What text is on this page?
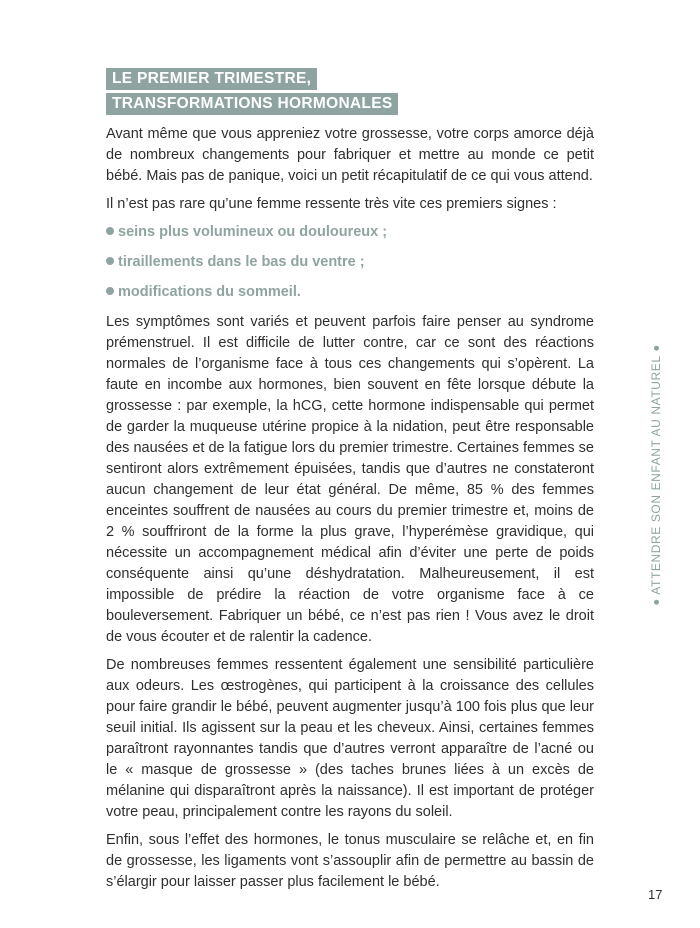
LE PREMIER TRIMESTRE,
TRANSFORMATIONS HORMONALES

Avant même que vous appreniez votre grossesse, votre corps amorce déjà de nombreux changements pour fabriquer et mettre au monde ce petit bébé. Mais pas de panique, voici un petit récapitulatif de ce qui vous attend.

Il n’est pas rare qu’une femme ressente très vite ces premiers signes :

seins plus volumineux ou douloureux ;
tiraillements dans le bas du ventre ;
modifications du sommeil.

Les symptômes sont variés et peuvent parfois faire penser au syndrome prémenstruel. Il est difficile de lutter contre, car ce sont des réactions normales de l’organisme face à tous ces changements qui s’opèrent. La faute en incombe aux hormones, bien souvent en fête lorsque débute la grossesse : par exemple, la hCG, cette hormone indispensable qui permet de garder la muqueuse utérine propice à la nidation, peut être responsable des nausées et de la fatigue lors du premier trimestre. Certaines femmes se sentiront alors extrêmement épuisées, tandis que d’autres ne constateront aucun changement de leur état général. De même, 85 % des femmes enceintes souffrent de nausées au cours du premier trimestre et, moins de 2 % souffriront de la forme la plus grave, l’hyperémèse gravidique, qui nécessite un accompagnement médical afin d’éviter une perte de poids conséquente ainsi qu’une déshydratation. Malheureusement, il est impossible de prédire la réaction de votre organisme face à ce bouleversement. Fabriquer un bébé, ce n’est pas rien ! Vous avez le droit de vous écouter et de ralentir la cadence.

De nombreuses femmes ressentent également une sensibilité particulière aux odeurs. Les œstrogènes, qui participent à la croissance des cellules pour faire grandir le bébé, peuvent augmenter jusqu’à 100 fois plus que leur seuil initial. Ils agissent sur la peau et les cheveux. Ainsi, certaines femmes paraîtront rayonnantes tandis que d’autres verront apparaître de l’acné ou le « masque de grossesse » (des taches brunes liées à un excès de mélanine qui disparaîtront après la naissance). Il est important de protéger votre peau, principalement contre les rayons du soleil.

Enfin, sous l’effet des hormones, le tonus musculaire se relâche et, en fin de grossesse, les ligaments vont s’assouplir afin de permettre au bassin de s’élargir pour laisser passer plus facilement le bébé.

ATTENDRE SON ENFANT AU NATUREL
17
